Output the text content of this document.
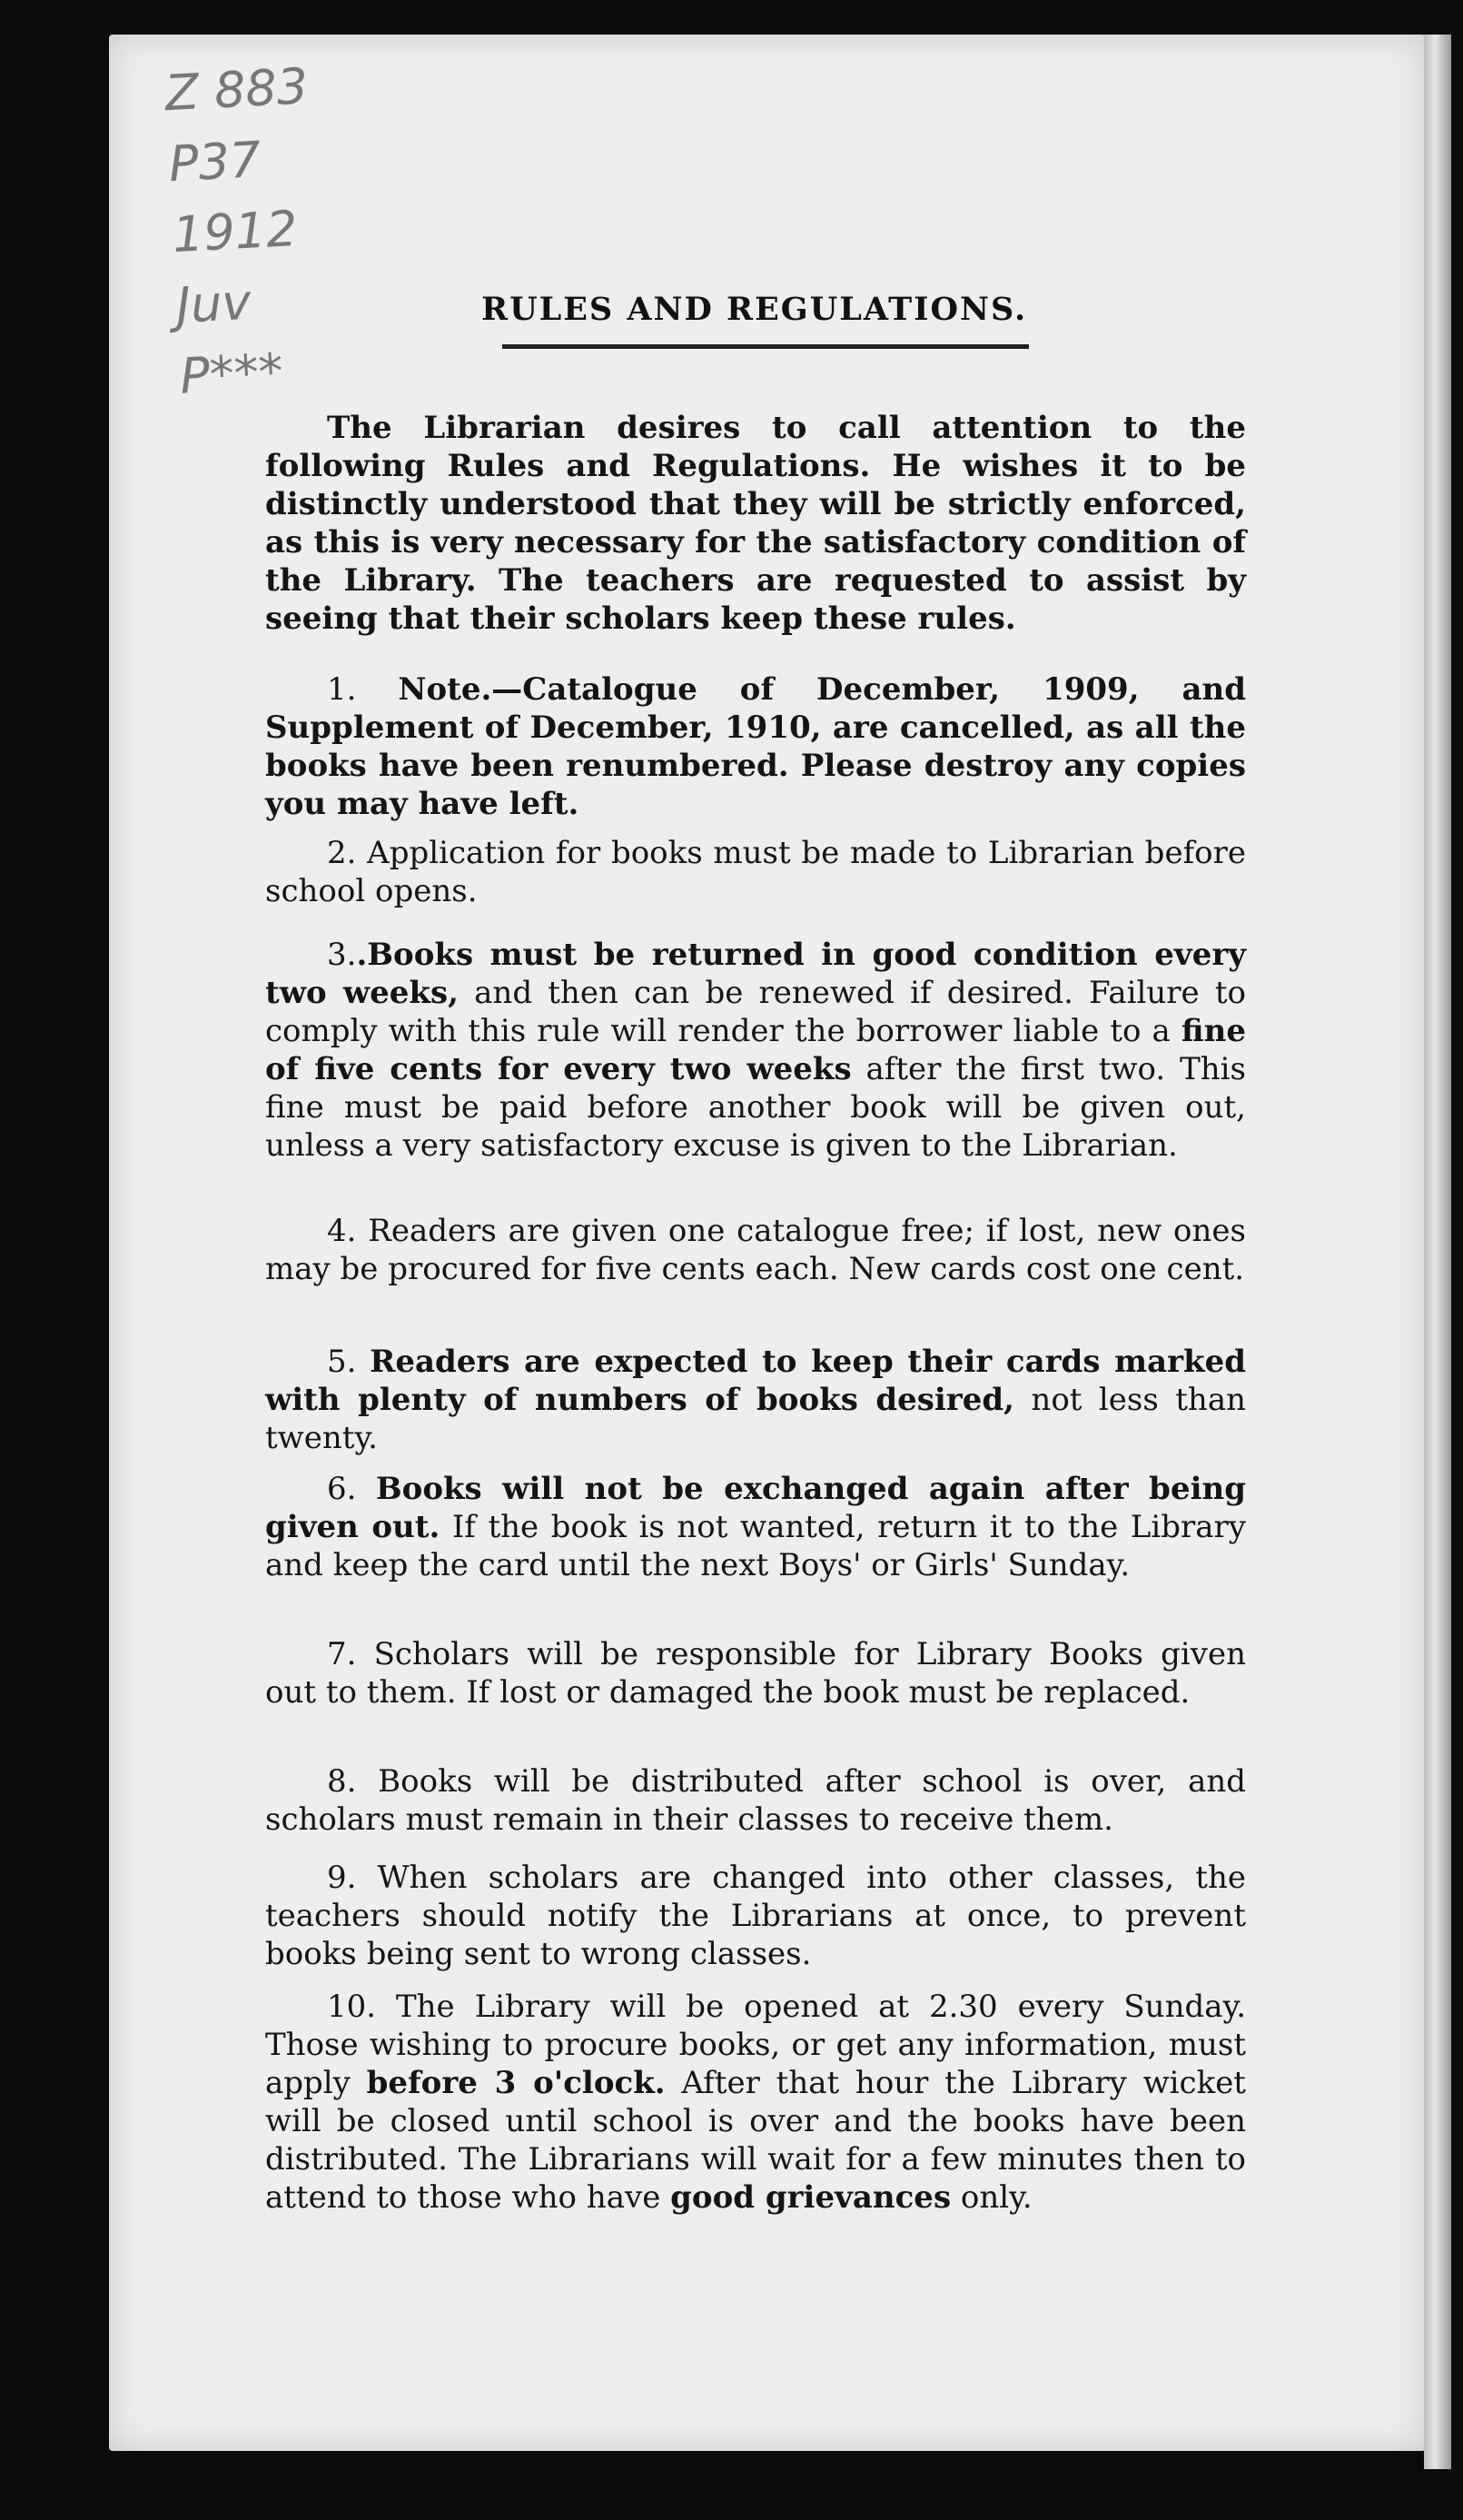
Z 883
P37
1912
Juv
P***
RULES AND REGULATIONS.
The Librarian desires to call attention to the following Rules and Regulations. He wishes it to be distinctly understood that they will be strictly enforced, as this is very necessary for the satisfactory condition of the Library. The teachers are requested to assist by seeing that their scholars keep these rules.
1. Note.—Catalogue of December, 1909, and Supplement of December, 1910, are cancelled, as all the books have been renumbered. Please destroy any copies you may have left.
2. Application for books must be made to Librarian before school opens.
3..Books must be returned in good condition every two weeks, and then can be renewed if desired. Failure to comply with this rule will render the borrower liable to a fine of five cents for every two weeks after the first two. This fine must be paid before another book will be given out, unless a very satisfactory excuse is given to the Librarian.
4. Readers are given one catalogue free; if lost, new ones may be procured for five cents each. New cards cost one cent.
5. Readers are expected to keep their cards marked with plenty of numbers of books desired, not less than twenty.
6. Books will not be exchanged again after being given out. If the book is not wanted, return it to the Library and keep the card until the next Boys' or Girls' Sunday.
7. Scholars will be responsible for Library Books given out to them. If lost or damaged the book must be replaced.
8. Books will be distributed after school is over, and scholars must remain in their classes to receive them.
9. When scholars are changed into other classes, the teachers should notify the Librarians at once, to prevent books being sent to wrong classes.
10. The Library will be opened at 2.30 every Sunday. Those wishing to procure books, or get any information, must apply before 3 o'clock. After that hour the Library wicket will be closed until school is over and the books have been distributed. The Librarians will wait for a few minutes then to attend to those who have good grievances only.
